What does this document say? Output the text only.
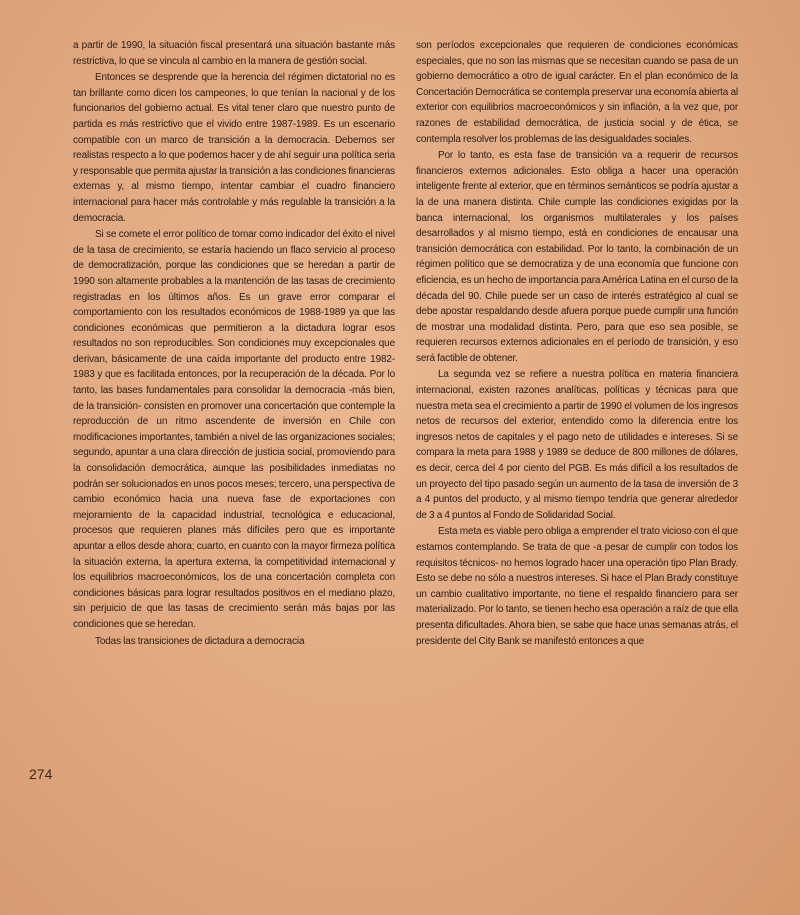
a partir de 1990, la situación fiscal presentará una situación bastante más restrictiva, lo que se vincula al cambio en la manera de gestión social.

Entonces se desprende que la herencia del régimen dictatorial no es tan brillante como dicen los campeones, lo que tenían la nacional y de los funcionarios del gobierno actual. Es vital tener claro que nuestro punto de partida es más restrictivo que el vivido entre 1987-1989. Es un escenario compatible con un marco de transición a la democracia. Debemos ser realistas respecto a lo que podemos hacer y de ahí seguir una política seria y responsable que permita ajustar la transición a las condiciones financieras externas y, al mismo tiempo, intentar cambiar el cuadro financiero internacional para hacer más controlable y más regulable la transición a la democracia.

Si se comete el error político de tomar como indicador del éxito el nivel de la tasa de crecimiento, se estaría haciendo un flaco servicio al proceso de democratización, porque las condiciones que se heredan a partir de 1990 son altamente probables a la mantención de las tasas de crecimiento registradas en los últimos años. Es un grave error comparar el comportamiento con los resultados económicos de 1988-1989 ya que las condiciones económicas que permitieron a la dictadura lograr esos resultados no son reproducibles. Son condiciones muy excepcionales que derivan, básicamente de una caída importante del producto entre 1982-1983 y que es facilitada entonces, por la recuperación de la década. Por lo tanto, las bases fundamentales para consolidar la democracia -más bien, de la transición- consisten en promover una concertación que contemple la reproducción de un ritmo ascendente de inversión en Chile con modificaciones importantes, también a nivel de las organizaciones sociales; segundo, apuntar a una clara dirección de justicia social, promoviendo para la consolidación democrática, aunque las posibilidades inmediatas no podrán ser solucionados en unos pocos meses; tercero, una perspectiva de cambio económico hacia una nueva fase de exportaciones con mejoramiento de la capacidad industrial, tecnológica e educacional, procesos que requieren planes más difíciles pero que es importante apuntar a ellos desde ahora; cuarto, en cuanto con la mayor firmeza política la situación externa, la apertura externa, la competitividad internacional y los equilibrios macroeconómicos, los de una concertación completa con condiciones básicas para lograr resultados positivos en el mediano plazo, sin perjuicio de que las tasas de crecimiento serán más bajas por las condiciones que se heredan.

Todas las transiciones de dictadura a democracia

son períodos excepcionales que requieren de condiciones económicas especiales, que no son las mismas que se necesitan cuando se pasa de un gobierno democrático a otro de igual carácter. En el plan económico de la Concertación Democrática se contempla preservar una economía abierta al exterior con equilibrios macroeconómicos y sin inflación, a la vez que, por razones de estabilidad democrática, de justicia social y de ética, se contempla resolver los problemas de las desigualdades sociales.

Por lo tanto, es esta fase de transición va a requerir de recursos financieros externos adicionales. Esto obliga a hacer una operación inteligente frente al exterior, que en términos semánticos se podría ajustar a la de una manera distinta. Chile cumple las condiciones exigidas por la banca internacional, los organismos multilaterales y los países desarrollados y al mismo tiempo, está en condiciones de encausar una transición democrática con estabilidad. Por lo tanto, la combinación de un régimen político que se democratiza y de una economía que funcione con eficiencia, es un hecho de importancia para América Latina en el curso de la década del 90. Chile puede ser un caso de interés estratégico al cual se debe apostar respaldando desde afuera porque puede cumplir una función de mostrar una modalidad distinta. Pero, para que eso sea posible, se requieren recursos externos adicionales en el período de transición, y eso será factible de obtener.

La segunda vez se refiere a nuestra política en materia financiera internacional, existen razones analíticas, políticas y técnicas para que nuestra meta sea el crecimiento a partir de 1990 el volumen de los ingresos netos de recursos del exterior, entendido como la diferencia entre los ingresos netos de capitales y el pago neto de utilidades e intereses. Si se compara la meta para 1988 y 1989 se deduce de 800 millones de dólares, es decir, cerca del 4 por ciento del PGB. Es más difícil a los resultados de un proyecto del tipo pasado según un aumento de la tasa de inversión de 3 a 4 puntos del producto, y al mismo tiempo tendría que generar alrededor de 3 a 4 puntos al Fondo de Solidaridad Social.

Esta meta es viable pero obliga a emprender el trato vicioso con el que estamos contemplando. Se trata de que -a pesar de cumplir con todos los requisitos técnicos- no hemos logrado hacer una operación tipo Plan Brady. Esto se debe no sólo a nuestros intereses. Si hace el Plan Brady constituye un cambio cualitativo importante, no tiene el respaldo financiero para ser materializado. Por lo tanto, se tienen hecho esa operación a raíz de que ella presenta dificultades. Ahora bien, se sabe que hace unas semanas atrás, el presidente del City Bank se manifestó entonces a que

274
